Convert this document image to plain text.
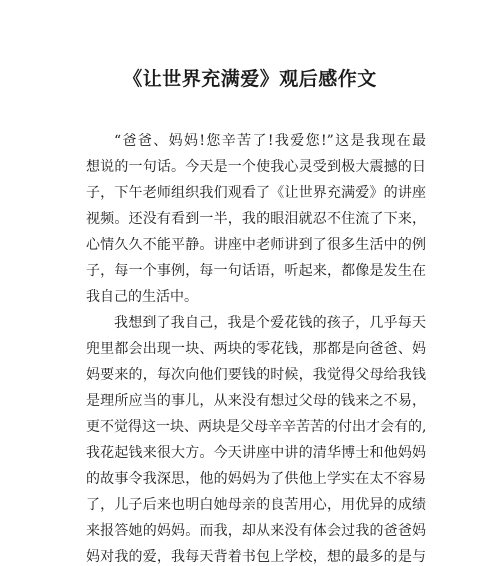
《让世界充满爱》观后感作文
“爸爸、妈妈!您辛苦了!我爱您!”这是我现在最
想说的一句话。今天是一个使我心灵受到极大震撼的日
子，下午老师组织我们观看了《让世界充满爱》的讲座
视频。还没有看到一半，我的眼泪就忍不住流了下来，
心情久久不能平静。讲座中老师讲到了很多生活中的例
子，每一个事例，每一句话语，听起来，都像是发生在
我自己的生活中。
我想到了我自己，我是个爱花钱的孩子，几乎每天
兜里都会出现一块、两块的零花钱，那都是向爸爸、妈
妈要来的，每次向他们要钱的时候，我觉得父母给我钱
是理所应当的事儿，从来没有想过父母的钱来之不易，
更不觉得这一块、两块是父母辛辛苦苦的付出才会有的,
我花起钱来很大方。今天讲座中讲的清华博士和他妈妈
的故事令我深思，他的妈妈为了供他上学实在太不容易
了，儿子后来也明白她母亲的良苦用心，用优异的成绩
来报答她的妈妈。而我，却从来没有体会过我的爸爸妈
妈对我的爱，我每天背着书包上学校，想的最多的是与
